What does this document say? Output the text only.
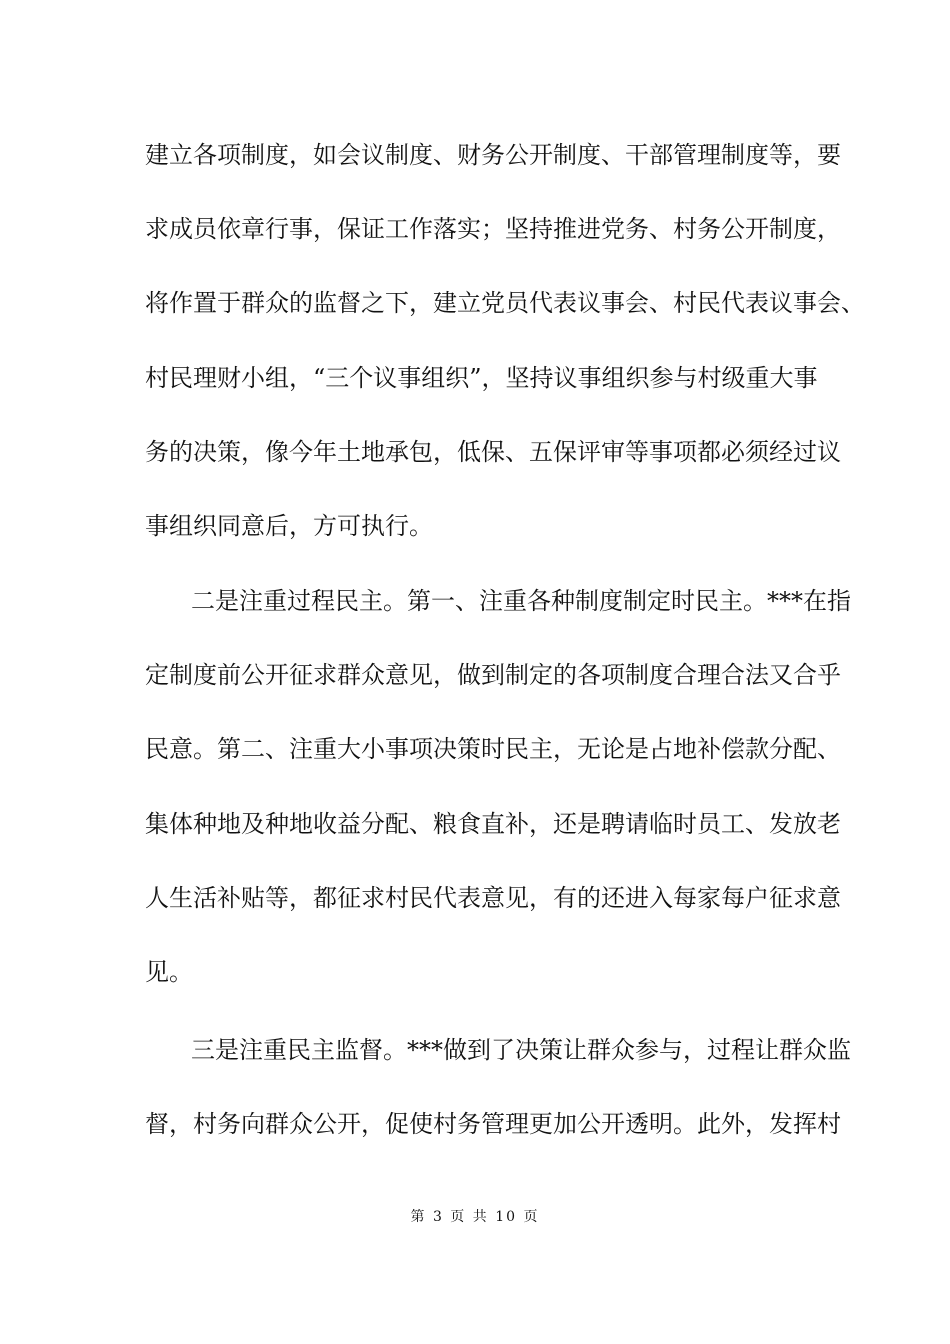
建立各项制度，如会议制度、财务公开制度、干部管理制度等，要
求成员依章行事，保证工作落实；坚持推进党务、村务公开制度，
将作置于群众的监督之下，建立党员代表议事会、村民代表议事会、
村民理财小组，“三个议事组织”，坚持议事组织参与村级重大事
务的决策，像今年土地承包，低保、五保评审等事项都必须经过议
事组织同意后，方可执行。
二是注重过程民主。第一、注重各种制度制定时民主。***在指
定制度前公开征求群众意见，做到制定的各项制度合理合法又合乎
民意。第二、注重大小事项决策时民主，无论是占地补偿款分配、
集体种地及种地收益分配、粮食直补，还是聘请临时员工、发放老
人生活补贴等，都征求村民代表意见，有的还进入每家每户征求意
见。
三是注重民主监督。***做到了决策让群众参与，过程让群众监
督，村务向群众公开，促使村务管理更加公开透明。此外，发挥村
第 3 页 共 10 页
